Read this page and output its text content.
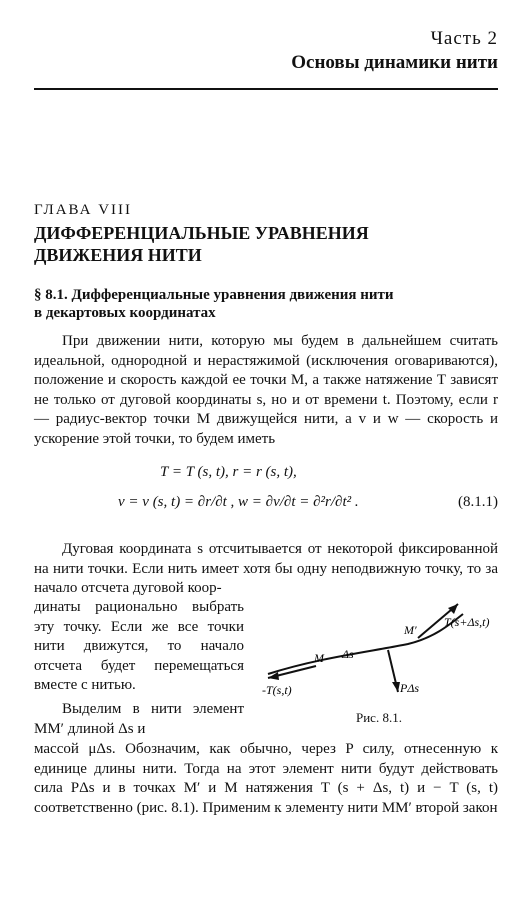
Часть 2
Основы динамики нити
ГЛАВА VIII
ДИФФЕРЕНЦИАЛЬНЫЕ УРАВНЕНИЯ
ДВИЖЕНИЯ НИТИ
§ 8.1. Дифференциальные уравнения движения нити
в декартовых координатах
При движении нити, которую мы будем в дальнейшем считать идеальной, однородной и нерастяжимой (исключения оговариваются), положение и скорость каждой ее точки M, а также натяжение T зависят не только от дуговой координаты s, но и от времени t. Поэтому, если r — радиус-вектор точки M движущейся нити, а v и w — скорость и ускорение этой точки, то будем иметь
T = T (s, t), r = r (s, t),
v = v (s, t) = ∂r/∂t , w = ∂v/∂t = ∂²r/∂t² .	(8.1.1)
Дуговая координата s отсчитывается от некоторой фиксированной на нити точки. Если нить имеет хотя бы одну неподвижную точку, то за начало отсчета дуговой коор-
динаты рационально выбрать эту точку. Если же все точки нити движутся, то начало отсчета будет перемещаться вместе с нитью.
Выделим в нити элемент MM′ длиной Δs и
T(s+Δs,t)
M′
Δs
M
-T(s,t)	PΔs
Рис. 8.1.
массой μΔs. Обозначим, как обычно, через P силу, отнесенную к единице длины нити. Тогда на этот элемент нити будут действовать сила PΔs и в точках M′ и M натяжения T (s + Δs, t) и − T (s, t) соответственно (рис. 8.1). Применим к элементу нити MM′ второй закон
